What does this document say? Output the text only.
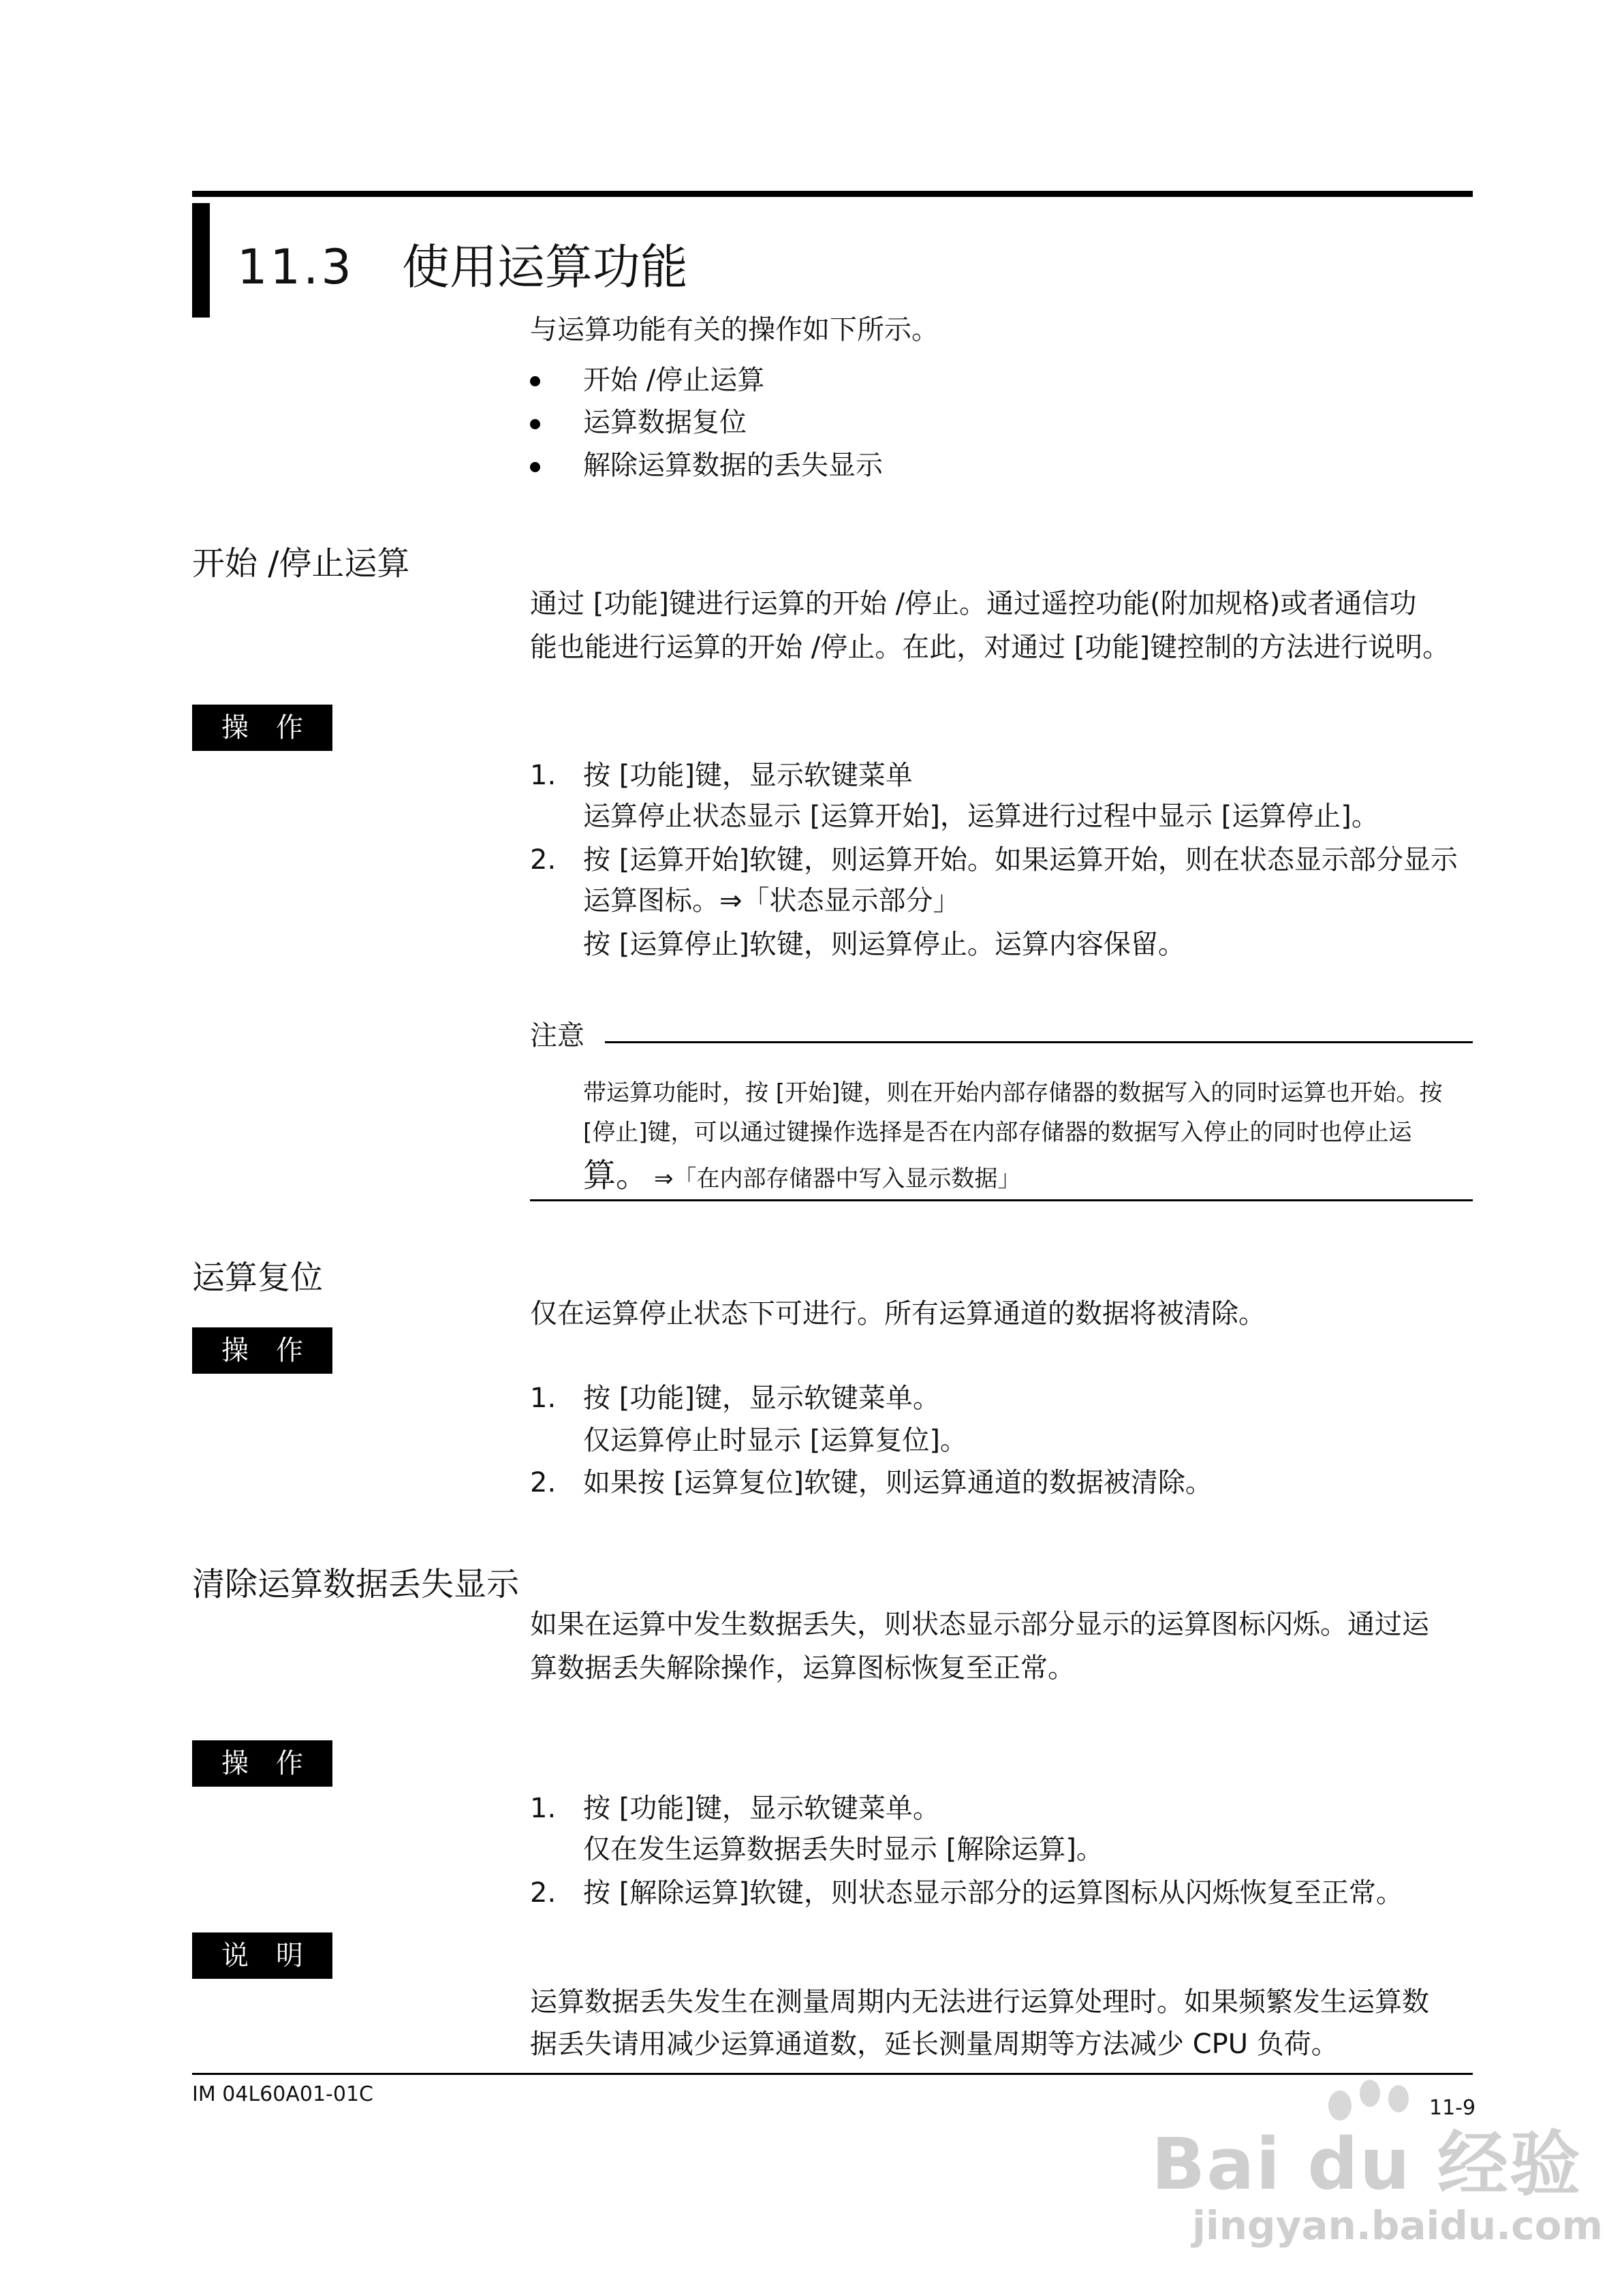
11.3 使用运算功能
与运算功能有关的操作如下所示。
开始 /停止运算
运算数据复位
解除运算数据的丢失显示
开始 /停止运算
通过 [功能]键进行运算的开始 /停止。通过遥控功能(附加规格)或者通信功
能也能进行运算的开始 /停止。在此，对通过 [功能]键控制的方法进行说明。
操作
1. 按 [功能]键，显示软键菜单
运算停止状态显示 [运算开始]，运算进行过程中显示 [运算停止]。
2. 按 [运算开始]软键，则运算开始。如果运算开始，则在状态显示部分显示
运算图标。⇒「状态显示部分」
按 [运算停止]软键，则运算停止。运算内容保留。
注意
带运算功能时，按 [开始]键，则在开始内部存储器的数据写入的同时运算也开始。按
[停止]键，可以通过键操作选择是否在内部存储器的数据写入停止的同时也停止运
算。 ⇒「在内部存储器中写入显示数据」
运算复位
仅在运算停止状态下可进行。所有运算通道的数据将被清除。
操作
1. 按 [功能]键，显示软键菜单。
仅运算停止时显示 [运算复位]。
2. 如果按 [运算复位]软键，则运算通道的数据被清除。
清除运算数据丢失显示
如果在运算中发生数据丢失，则状态显示部分显示的运算图标闪烁。通过运
算数据丢失解除操作，运算图标恢复至正常。
操作
1. 按 [功能]键，显示软键菜单。
仅在发生运算数据丢失时显示 [解除运算]。
2. 按 [解除运算]软键，则状态显示部分的运算图标从闪烁恢复至正常。
说明
运算数据丢失发生在测量周期内无法进行运算处理时。如果频繁发生运算数
据丢失请用减少运算通道数，延长测量周期等方法减少 CPU 负荷。
IM 04L60A01-01C
11-9
Bai du 经验
jingyan.baidu.com
